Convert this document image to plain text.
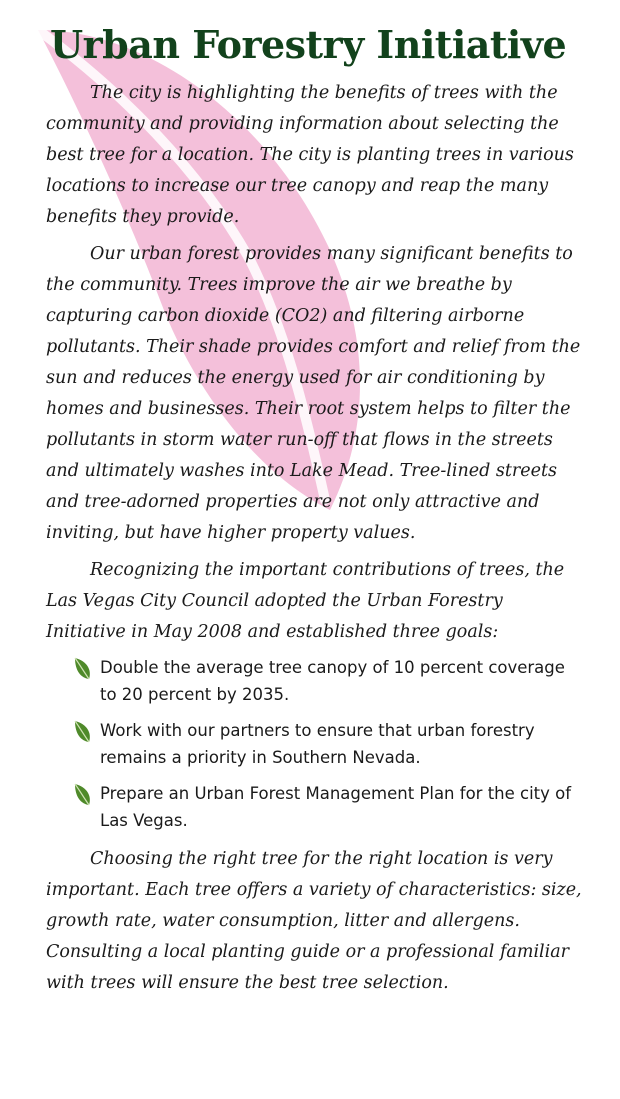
Urban Forestry Initiative

The city is highlighting the benefits of trees with the community and providing information about selecting the best tree for a location. The city is planting trees in various locations to increase our tree canopy and reap the many benefits they provide.

Our urban forest provides many significant benefits to the community. Trees improve the air we breathe by capturing carbon dioxide (CO2) and filtering airborne pollutants. Their shade provides comfort and relief from the sun and reduces the energy used for air conditioning by homes and businesses. Their root system helps to filter the pollutants in storm water run-off that flows in the streets and ultimately washes into Lake Mead. Tree-lined streets and tree-adorned properties are not only attractive and inviting, but have higher property values.

Recognizing the important contributions of trees, the Las Vegas City Council adopted the Urban Forestry Initiative in May 2008 and established three goals:

Double the average tree canopy of 10 percent coverage to 20 percent by 2035.
Work with our partners to ensure that urban forestry remains a priority in Southern Nevada.
Prepare an Urban Forest Management Plan for the city of Las Vegas.

Choosing the right tree for the right location is very important. Each tree offers a variety of characteristics: size, growth rate, water consumption, litter and allergens. Consulting a local planting guide or a professional familiar with trees will ensure the best tree selection.
